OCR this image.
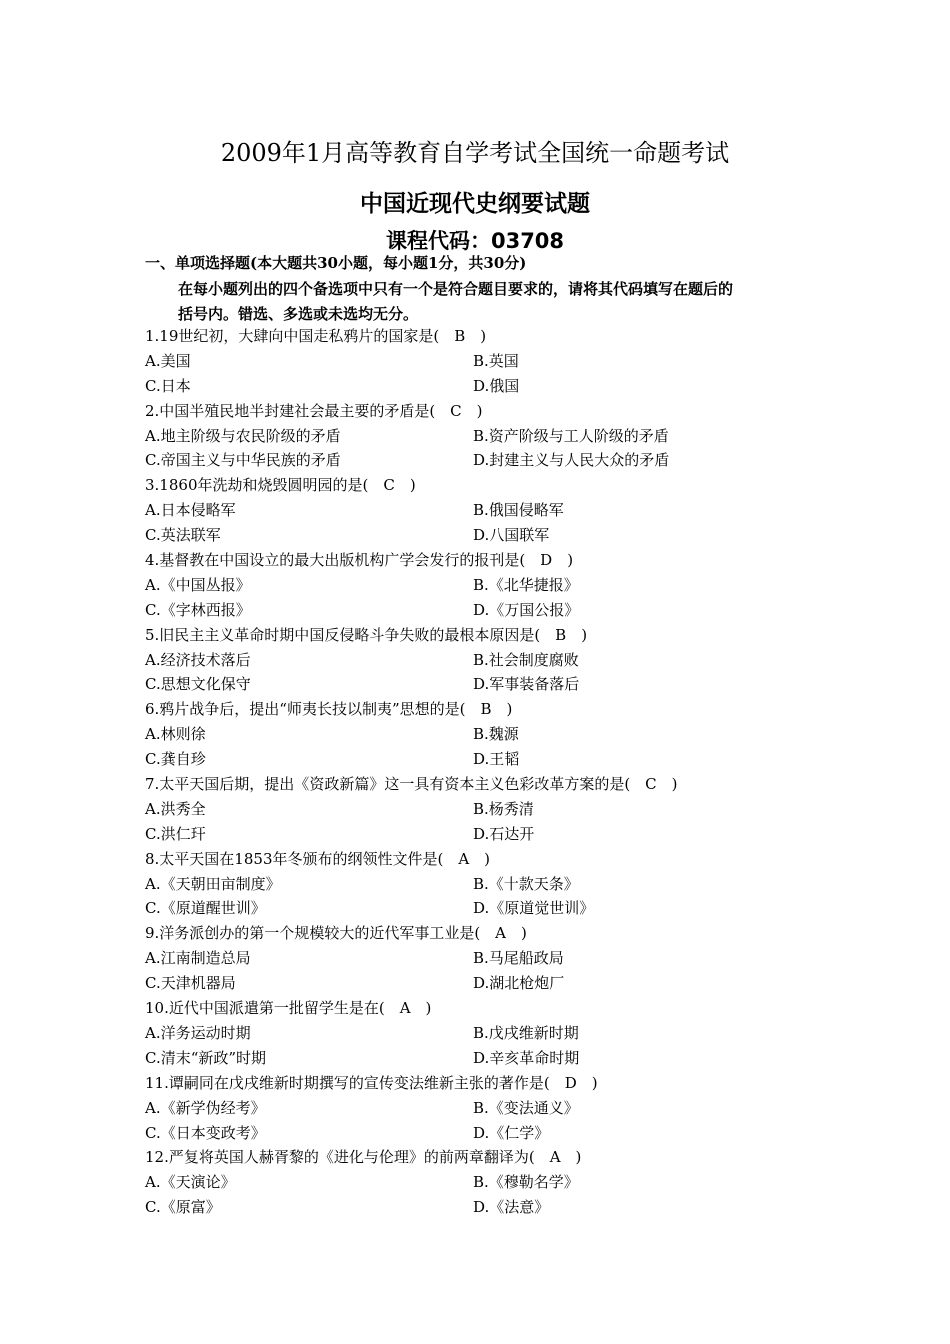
2009年1月高等教育自学考试全国统一命题考试
中国近现代史纲要试题
课程代码：03708
一、单项选择题(本大题共30小题，每小题1分，共30分)
在每小题列出的四个备选项中只有一个是符合题目要求的，请将其代码填写在题后的
括号内。错选、多选或未选均无分。
1.19世纪初，大肆向中国走私鸦片的国家是(　B　)
A.美国	B.英国
C.日本	D.俄国
2.中国半殖民地半封建社会最主要的矛盾是(　C　)
A.地主阶级与农民阶级的矛盾	B.资产阶级与工人阶级的矛盾
C.帝国主义与中华民族的矛盾	D.封建主义与人民大众的矛盾
3.1860年洗劫和烧毁圆明园的是(　C　)
A.日本侵略军	B.俄国侵略军
C.英法联军	D.八国联军
4.基督教在中国设立的最大出版机构广学会发行的报刊是(　D　)
A.《中国丛报》	B.《北华捷报》
C.《字林西报》	D.《万国公报》
5.旧民主主义革命时期中国反侵略斗争失败的最根本原因是(　B　)
A.经济技术落后	B.社会制度腐败
C.思想文化保守	D.军事装备落后
6.鸦片战争后，提出“师夷长技以制夷”思想的是(　B　)
A.林则徐	B.魏源
C.龚自珍	D.王韬
7.太平天国后期，提出《资政新篇》这一具有资本主义色彩改革方案的是(　C　)
A.洪秀全	B.杨秀清
C.洪仁玕	D.石达开
8.太平天国在1853年冬颁布的纲领性文件是(　A　)
A.《天朝田亩制度》	B.《十款天条》
C.《原道醒世训》	D.《原道觉世训》
9.洋务派创办的第一个规模较大的近代军事工业是(　A　)
A.江南制造总局	B.马尾船政局
C.天津机器局	D.湖北枪炮厂
10.近代中国派遣第一批留学生是在(　A　)
A.洋务运动时期	B.戊戌维新时期
C.清末“新政”时期	D.辛亥革命时期
11.谭嗣同在戊戌维新时期撰写的宣传变法维新主张的著作是(　D　)
A.《新学伪经考》	B.《变法通义》
C.《日本变政考》	D.《仁学》
12.严复将英国人赫胥黎的《进化与伦理》的前两章翻译为(　A　)
A.《天演论》	B.《穆勒名学》
C.《原富》	D.《法意》
